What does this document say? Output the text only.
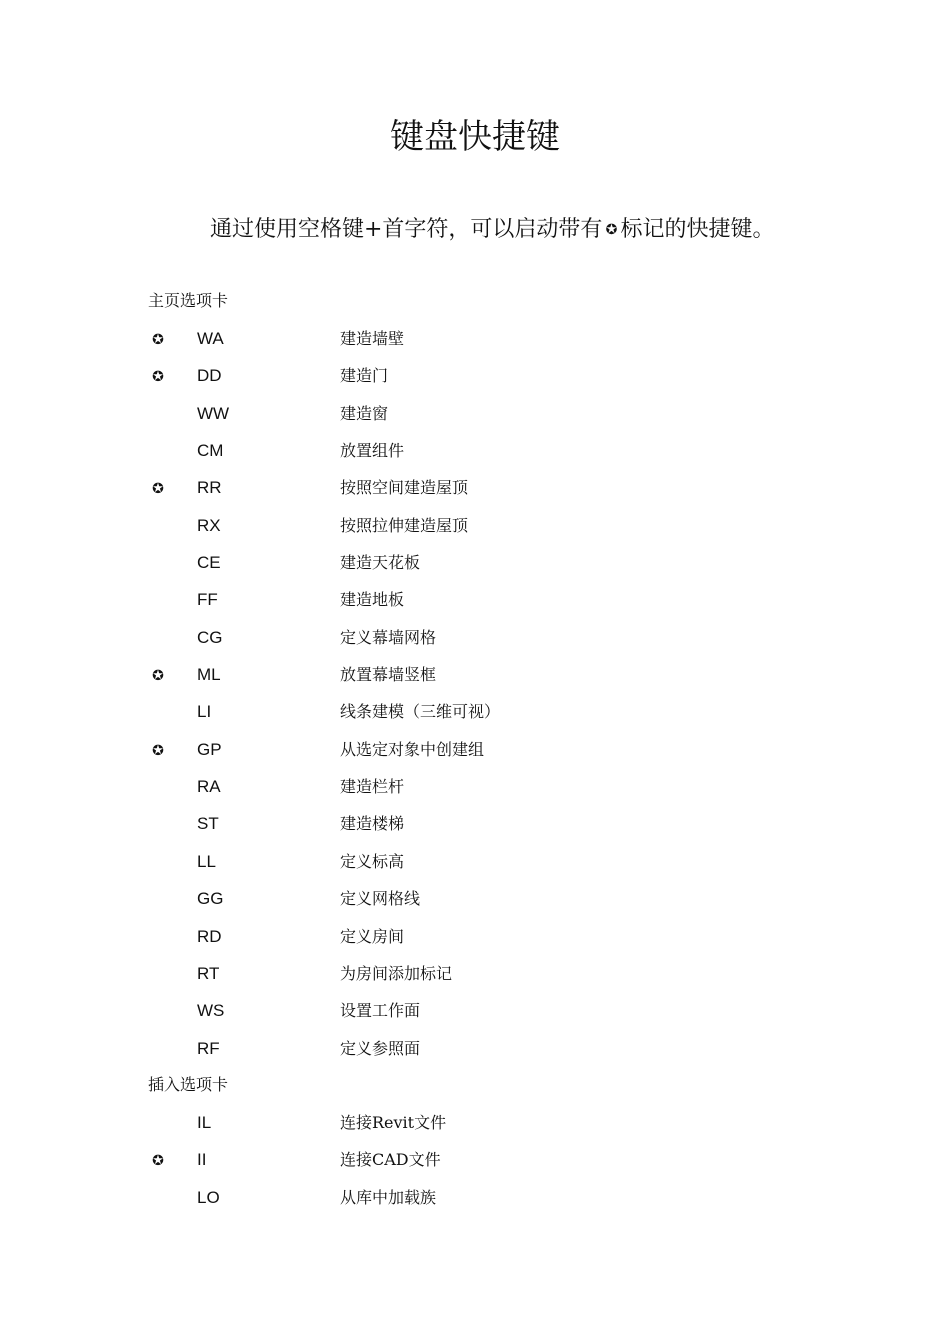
键盘快捷键

通过使用空格键+首字符，可以启动带有 ✪ 标记的快捷键。

主页选项卡
✪ WA	建造墙壁
✪ DD	建造门
WW	建造窗
CM	放置组件
✪ RR	按照空间建造屋顶
RX	按照拉伸建造屋顶
CE	建造天花板
FF	建造地板
CG	定义幕墙网格
✪ ML	放置幕墙竖框
LI	线条建模（三维可视）
✪ GP	从选定对象中创建组
RA	建造栏杆
ST	建造楼梯
LL	定义标高
GG	定义网格线
RD	定义房间
RT	为房间添加标记
WS	设置工作面
RF	定义参照面
插入选项卡
IL	连接Revit文件
✪ II	连接CAD文件
LO	从库中加载族
